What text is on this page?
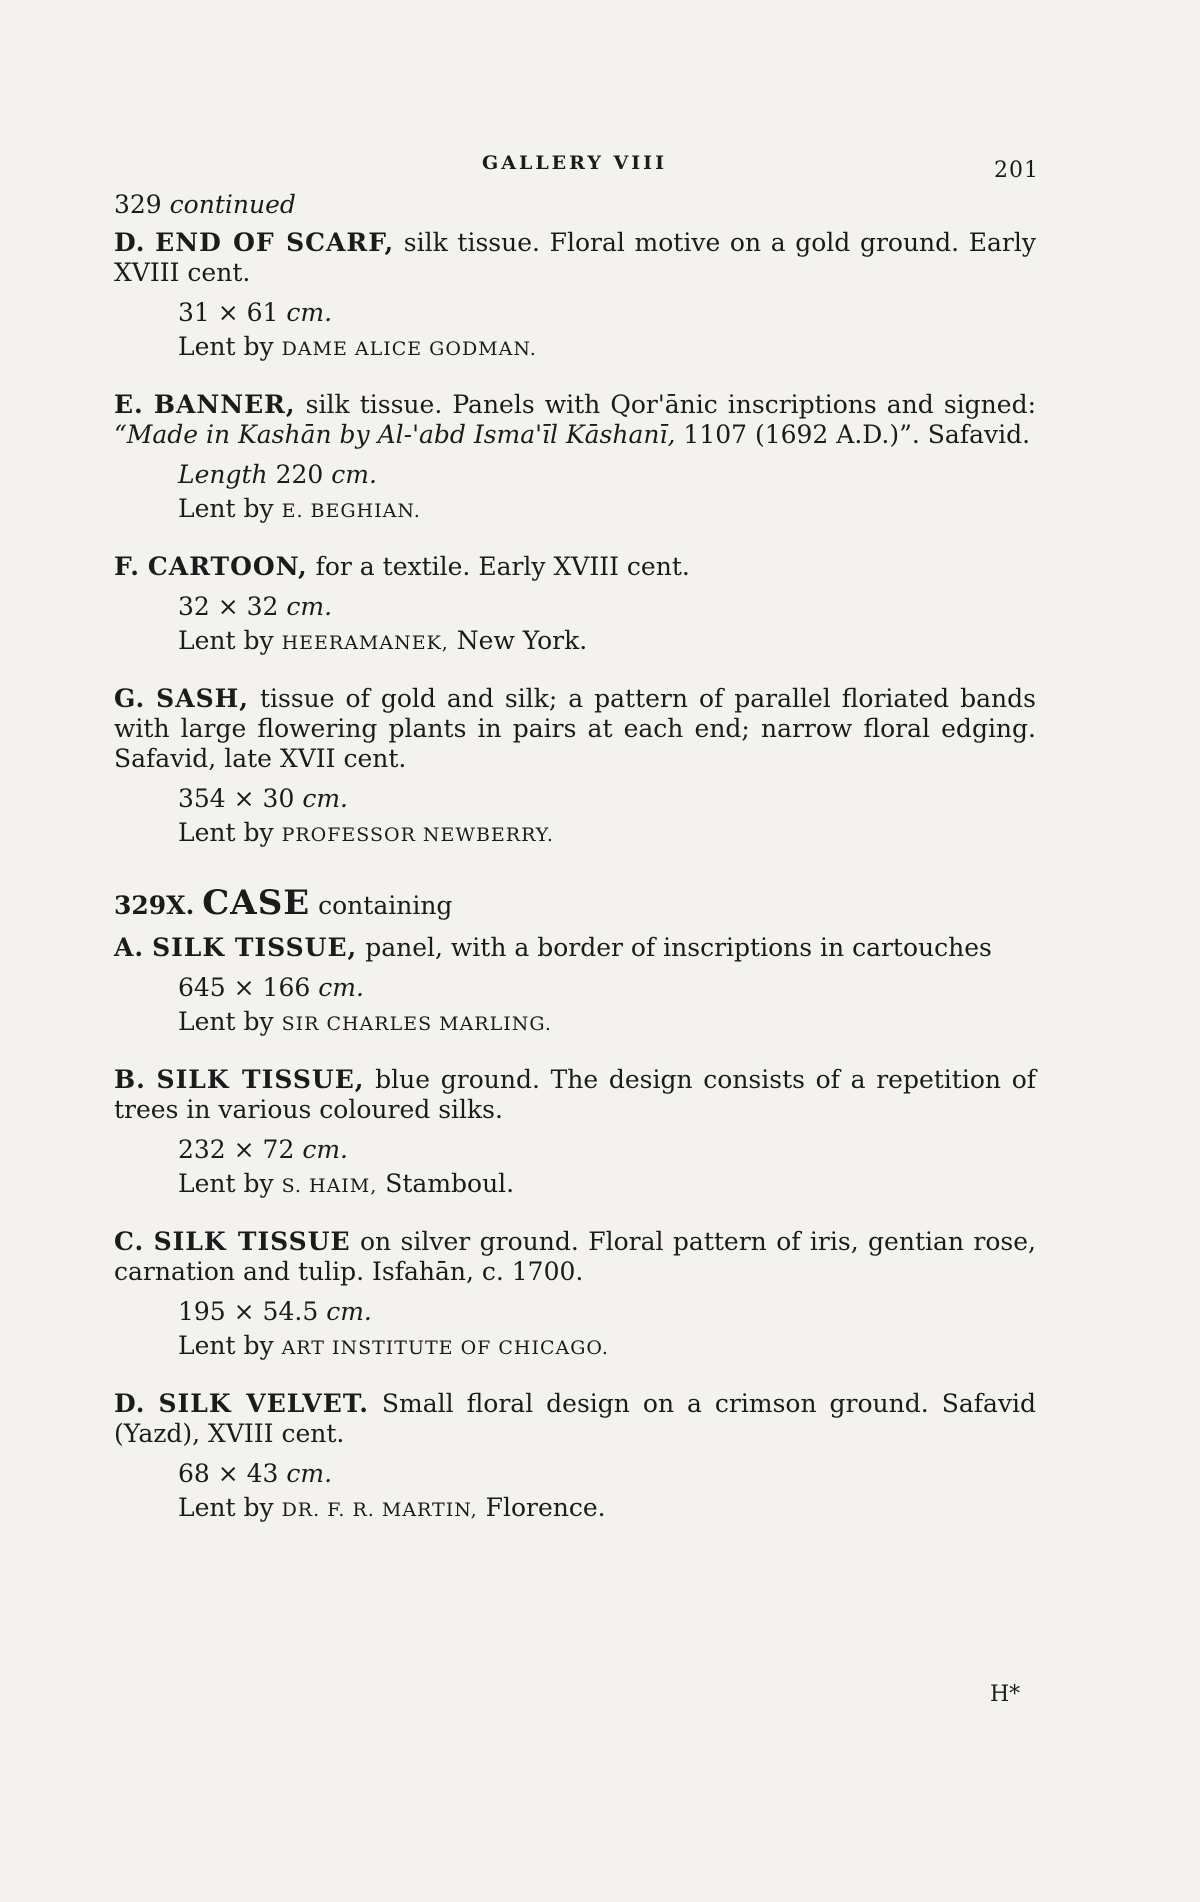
GALLERY VIII	201
329 continued

D. END OF SCARF, silk tissue. Floral motive on a gold ground. Early XVIII cent.

31 × 61 cm.
Lent by DAME ALICE GODMAN.

E. BANNER, silk tissue. Panels with Qor'ānic inscriptions and signed: “Made in Kashān by Al-'abd Isma'īl Kāshanī, 1107 (1692 A.D.)”. Safavid.

Length 220 cm.
Lent by E. BEGHIAN.

F. CARTOON, for a textile. Early XVIII cent.

32 × 32 cm.
Lent by HEERAMANEK, New York.

G. SASH, tissue of gold and silk; a pattern of parallel floriated bands with large flowering plants in pairs at each end; narrow floral edging. Safavid, late XVII cent.

354 × 30 cm.
Lent by PROFESSOR NEWBERRY.
329X. CASE containing

A. SILK TISSUE, panel, with a border of inscriptions in cartouches

645 × 166 cm.
Lent by SIR CHARLES MARLING.

B. SILK TISSUE, blue ground. The design consists of a repetition of trees in various coloured silks.

232 × 72 cm.
Lent by S. HAIM, Stamboul.

C. SILK TISSUE on silver ground. Floral pattern of iris, gentian rose, carnation and tulip. Isfahān, c. 1700.

195 × 54.5 cm.
Lent by ART INSTITUTE OF CHICAGO.

D. SILK VELVET. Small floral design on a crimson ground. Safavid (Yazd), XVIII cent.

68 × 43 cm.
Lent by DR. F. R. MARTIN, Florence.
H*
